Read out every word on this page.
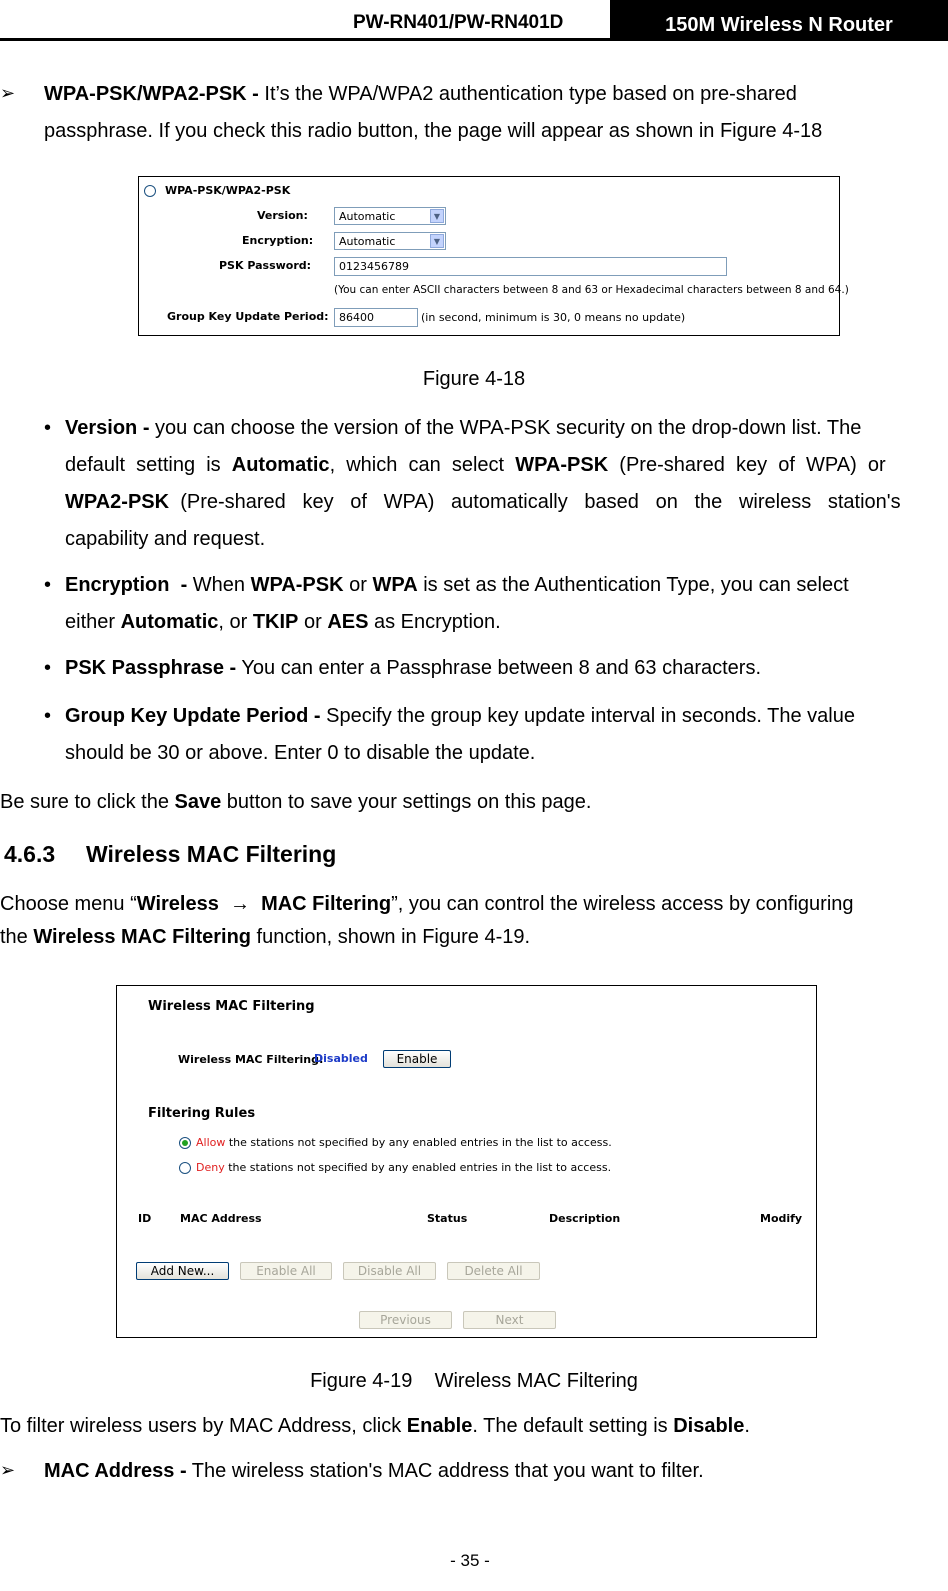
PW-RN401/PW-RN401D	150M Wireless N Router
➢ WPA-PSK/WPA2-PSK - It’s the WPA/WPA2 authentication type based on pre-shared
passphrase. If you check this radio button, the page will appear as shown in Figure 4-18
WPA-PSK/WPA2-PSK
Version:	Automatic	▼
Encryption:	Automatic	▼
PSK Password:	0123456789
(You can enter ASCII characters between 8 and 63 or Hexadecimal characters between 8 and 64.)
Group Key Update Period: 86400	(in second, minimum is 30, 0 means no update)
Figure 4-18
• Version - you can choose the version of the WPA-PSK security on the drop-down list. The
default  setting  is  Automatic,  which  can  select  WPA-PSK  (Pre-shared  key  of  WPA)  or
WPA2-PSK  (Pre-shared   key   of   WPA)   automatically   based   on   the   wireless   station's
capability and request.
• Encryption  - When WPA-PSK or WPA is set as the Authentication Type, you can select
either Automatic, or TKIP or AES as Encryption.
• PSK Passphrase - You can enter a Passphrase between 8 and 63 characters.
• Group Key Update Period - Specify the group key update interval in seconds. The value
should be 30 or above. Enter 0 to disable the update.
Be sure to click the Save button to save your settings on this page.
4.6.3 Wireless MAC Filtering
Choose menu “Wireless  →  MAC Filtering”, you can control the wireless access by configuring
the Wireless MAC Filtering function, shown in Figure 4-19.
Wireless MAC Filtering
Wireless MAC Filtering:
Disabled	Enable
Filtering Rules
Allow the stations not specified by any enabled entries in the list to access.
Deny the stations not specified by any enabled entries in the list to access.
ID	MAC Address	Status	Description	Modify
Add New...	Enable All	Disable All	Delete All
Previous	Next
Figure 4-19    Wireless MAC Filtering
To filter wireless users by MAC Address, click Enable. The default setting is Disable.
➢ MAC Address - The wireless station's MAC address that you want to filter.
- 35 -
